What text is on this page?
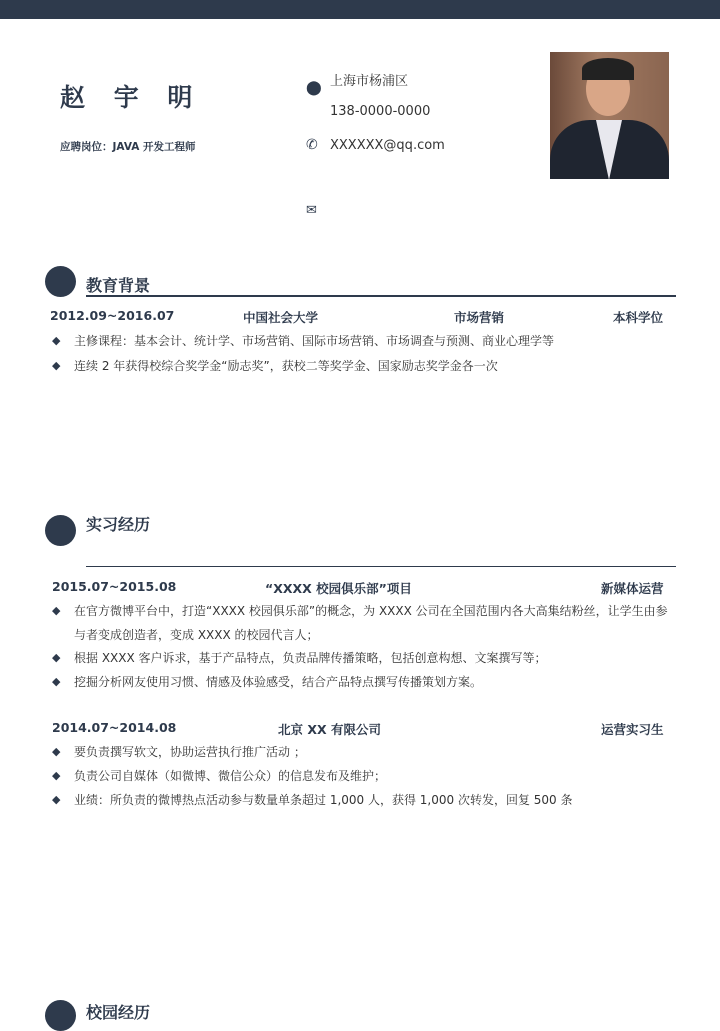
赵 宇 明
应聘岗位：JAVA 开发工程师
⬤ 上海市杨浦区
138-0000-0000
✆ XXXXXX@qq.com
✉
教育背景
2012.09~2016.07	中国社会大学	市场营销	本科学位
◆ 主修课程：基本会计、统计学、市场营销、国际市场营销、市场调查与预测、商业心理学等
◆ 连续 2 年获得校综合奖学金“励志奖”，获校二等奖学金、国家励志奖学金各一次
实习经历
2015.07~2015.08	“XXXX 校园俱乐部”项目	新媒体运营
◆ 在官方微博平台中，打造“XXXX 校园俱乐部”的概念，为 XXXX 公司在全国范围内各大高集结粉丝，让学生由参与者变成创造者，变成 XXXX 的校园代言人；
◆ 根据 XXXX 客户诉求，基于产品特点，负责品牌传播策略，包括创意构想、文案撰写等；
◆ 挖掘分析网友使用习惯、情感及体验感受，结合产品特点撰写传播策划方案。
2014.07~2014.08	北京 XX 有限公司	运营实习生
◆ 要负责撰写软文，协助运营执行推广活动 ；
◆ 负责公司自媒体（如微博、微信公众）的信息发布及维护；
◆ 业绩：所负责的微博热点活动参与数量单条超过 1,000 人，获得 1,000 次转发，回复 500 条
校园经历
